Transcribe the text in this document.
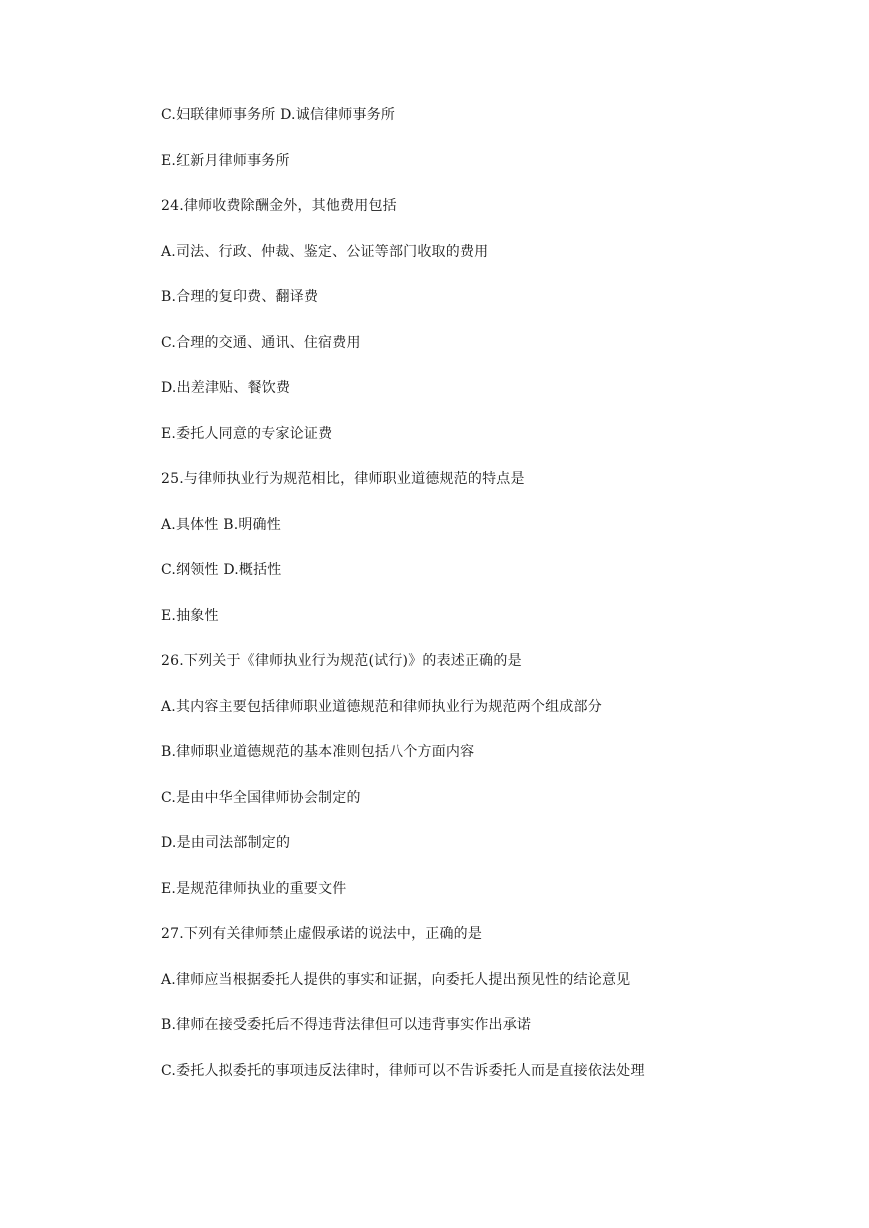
C.妇联律师事务所 D.诚信律师事务所
E.红新月律师事务所
24.律师收费除酬金外，其他费用包括
A.司法、行政、仲裁、鉴定、公证等部门收取的费用
B.合理的复印费、翻译费
C.合理的交通、通讯、住宿费用
D.出差津贴、餐饮费
E.委托人同意的专家论证费
25.与律师执业行为规范相比，律师职业道德规范的特点是
A.具体性 B.明确性
C.纲领性 D.概括性
E.抽象性
26.下列关于《律师执业行为规范(试行)》的表述正确的是
A.其内容主要包括律师职业道德规范和律师执业行为规范两个组成部分
B.律师职业道德规范的基本准则包括八个方面内容
C.是由中华全国律师协会制定的
D.是由司法部制定的
E.是规范律师执业的重要文件
27.下列有关律师禁止虚假承诺的说法中，正确的是
A.律师应当根据委托人提供的事实和证据，向委托人提出预见性的结论意见
B.律师在接受委托后不得违背法律但可以违背事实作出承诺
C.委托人拟委托的事项违反法律时，律师可以不告诉委托人而是直接依法处理
